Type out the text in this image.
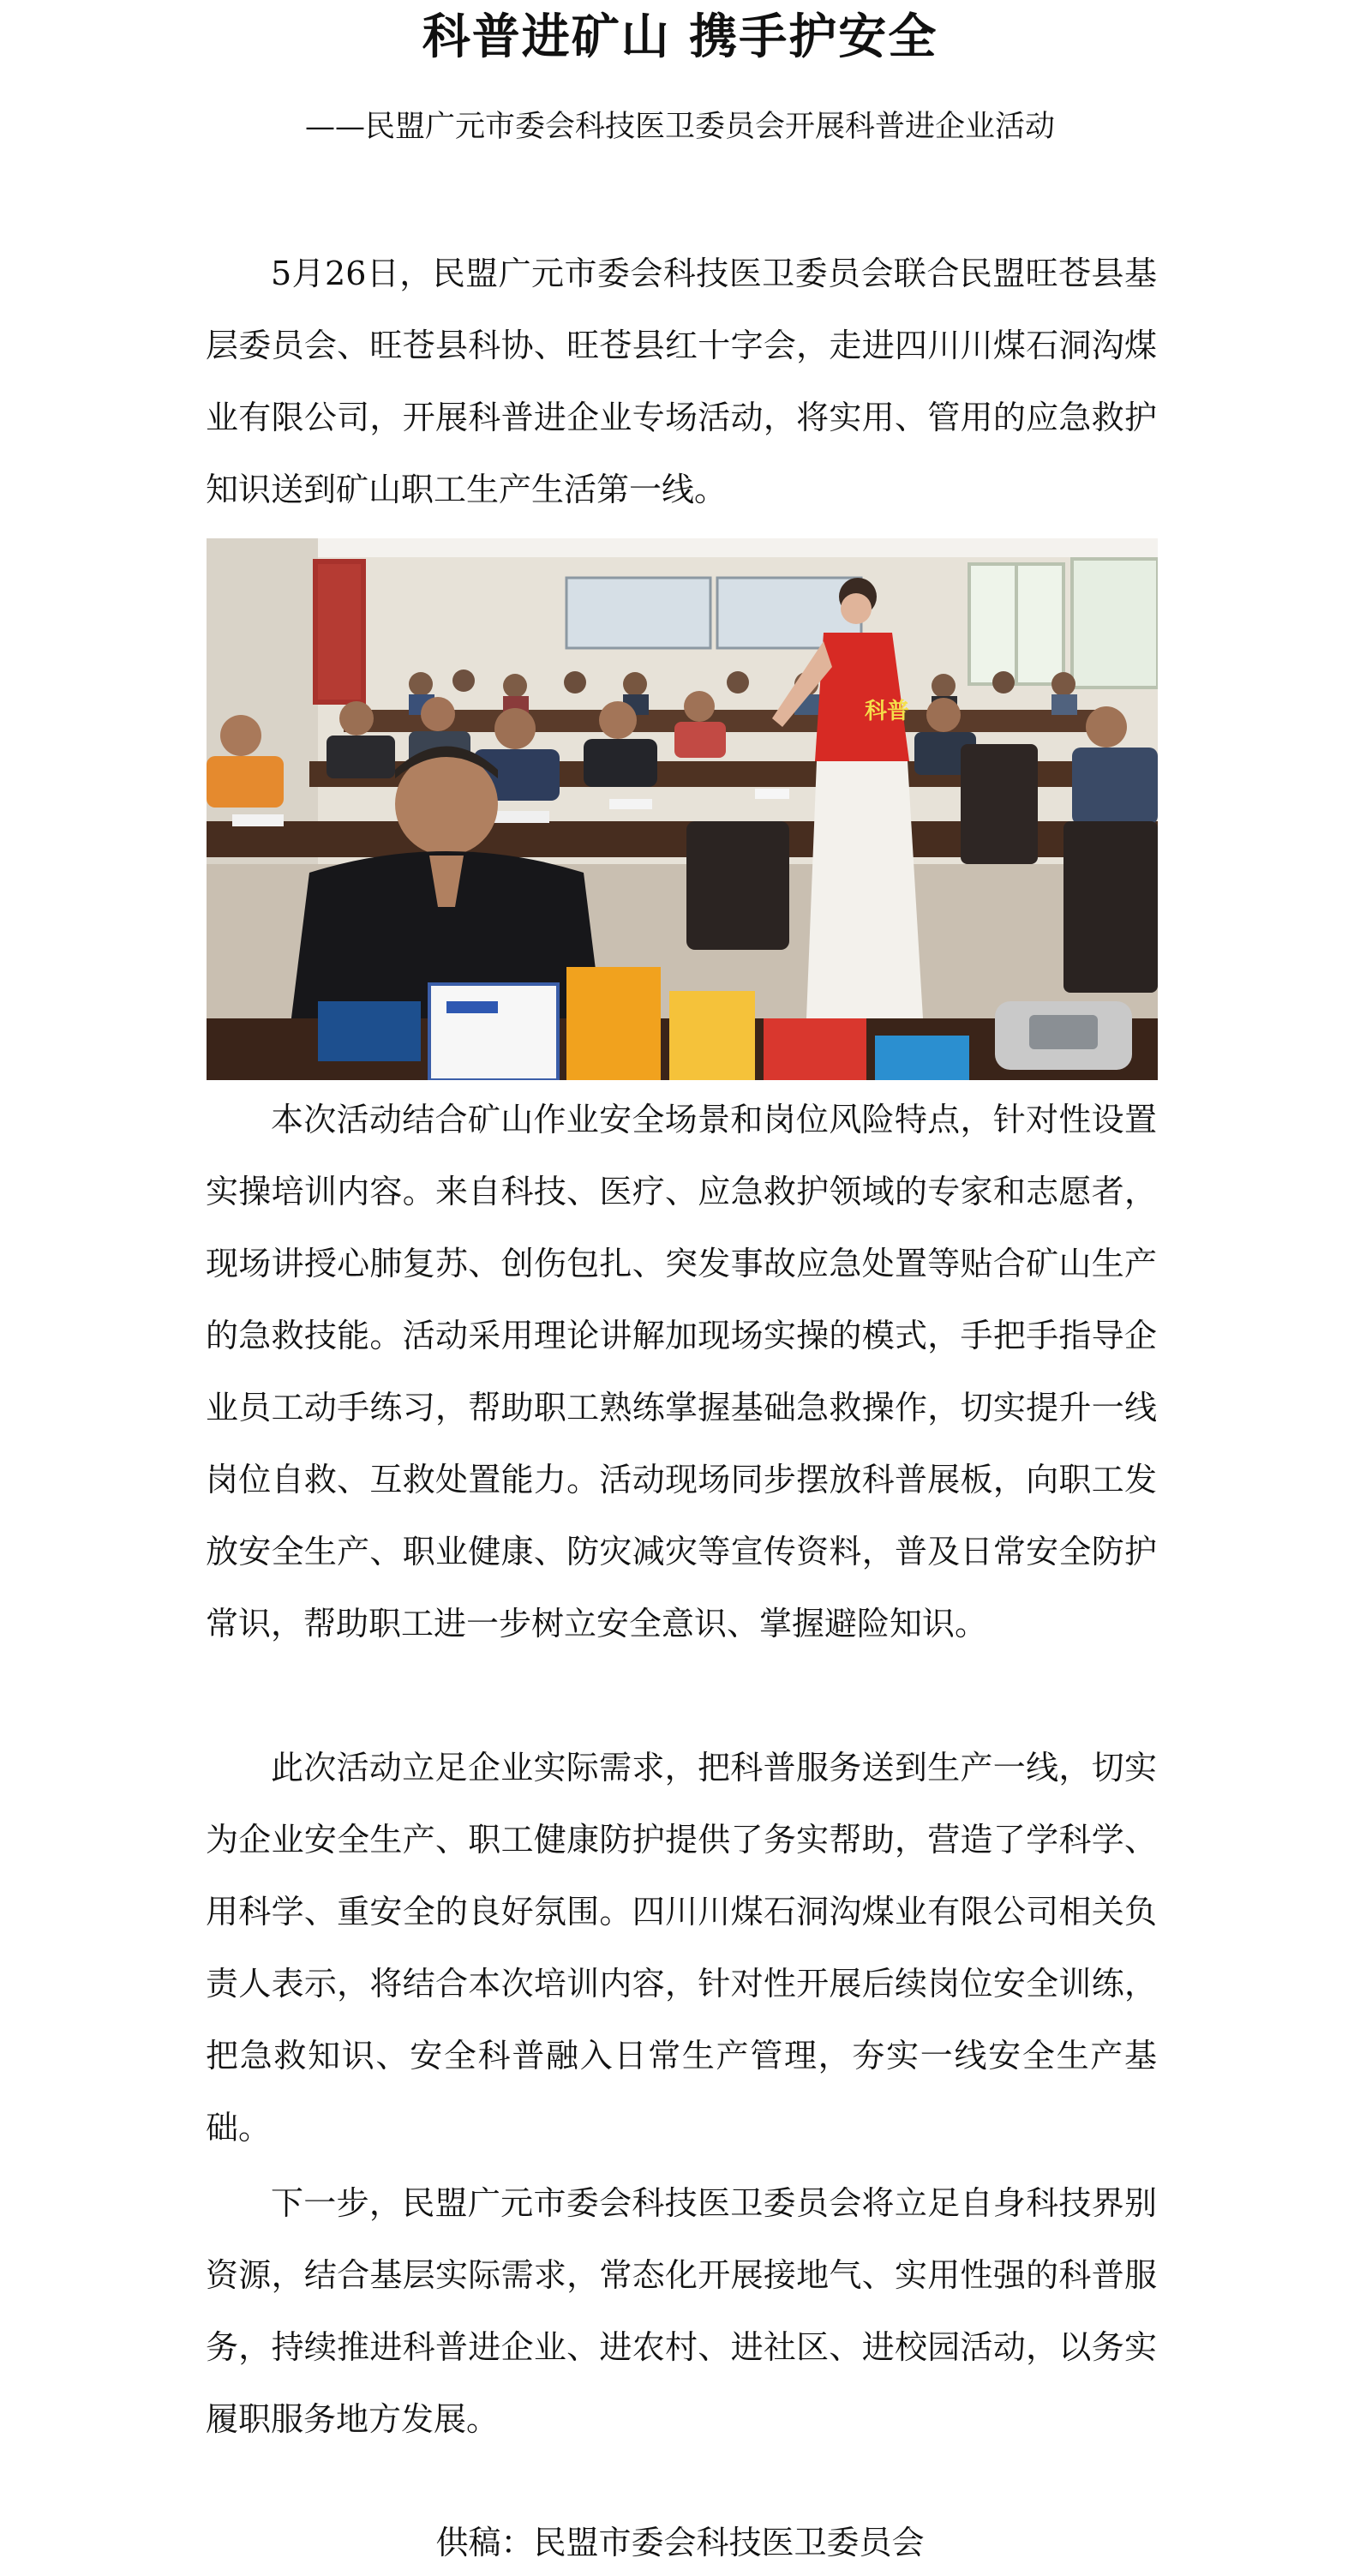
科普进矿山 携手护安全
——民盟广元市委会科技医卫委员会开展科普进企业活动

5月26日，民盟广元市委会科技医卫委员会联合民盟旺苍县基层委员会、旺苍县科协、旺苍县红十字会，走进四川川煤石洞沟煤业有限公司，开展科普进企业专场活动，将实用、管用的应急救护知识送到矿山职工生产生活第一线。

科普

本次活动结合矿山作业安全场景和岗位风险特点，针对性设置实操培训内容。来自科技、医疗、应急救护领域的专家和志愿者，现场讲授心肺复苏、创伤包扎、突发事故应急处置等贴合矿山生产的急救技能。活动采用理论讲解加现场实操的模式，手把手指导企业员工动手练习，帮助职工熟练掌握基础急救操作，切实提升一线岗位自救、互救处置能力。活动现场同步摆放科普展板，向职工发放安全生产、职业健康、防灾减灾等宣传资料，普及日常安全防护常识，帮助职工进一步树立安全意识、掌握避险知识。

此次活动立足企业实际需求，把科普服务送到生产一线，切实为企业安全生产、职工健康防护提供了务实帮助，营造了学科学、用科学、重安全的良好氛围。四川川煤石洞沟煤业有限公司相关负责人表示，将结合本次培训内容，针对性开展后续岗位安全训练，把急救知识、安全科普融入日常生产管理，夯实一线安全生产基础。

下一步，民盟广元市委会科技医卫委员会将立足自身科技界别资源，结合基层实际需求，常态化开展接地气、实用性强的科普服务，持续推进科普进企业、进农村、进社区、进校园活动，以务实履职服务地方发展。

供稿：民盟市委会科技医卫委员会
